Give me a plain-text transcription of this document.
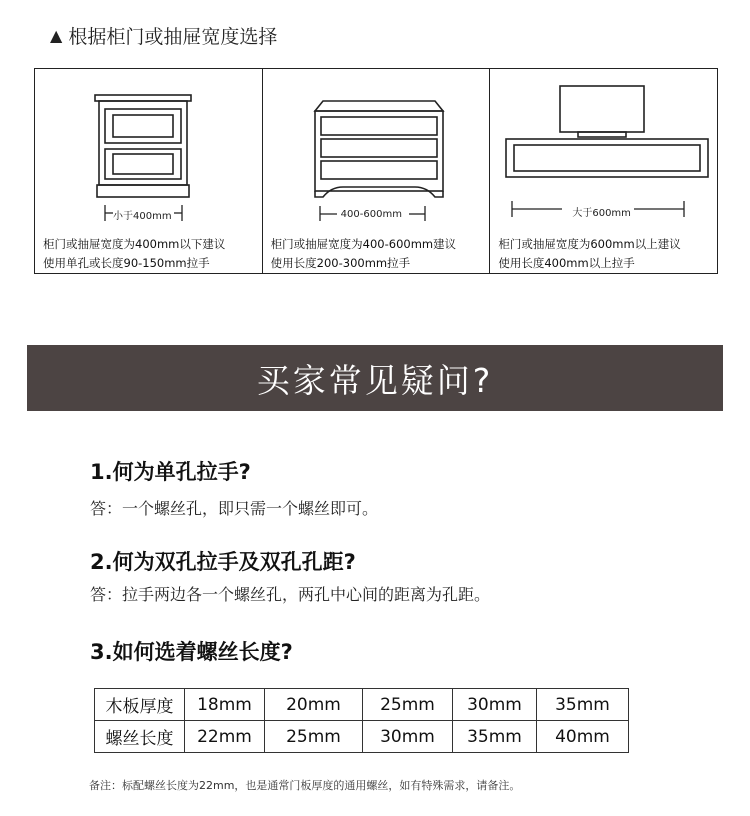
▲ 根据柜门或抽屉宽度选择
小于400mm
柜门或抽屉宽度为400mm以下建议
使用单孔或长度90-150mm拉手
400-600mm
柜门或抽屉宽度为400-600mm建议
使用长度200-300mm拉手
大于600mm
柜门或抽屉宽度为600mm以上建议
使用长度400mm以上拉手
买家常见疑问?
1.何为单孔拉手?
答：一个螺丝孔，即只需一个螺丝即可。
2.何为双孔拉手及双孔孔距?
答：拉手两边各一个螺丝孔，两孔中心间的距离为孔距。
3.如何选着螺丝长度?
木板厚度	18mm	20mm	25mm	30mm	35mm
螺丝长度	22mm	25mm	30mm	35mm	40mm
备注：标配螺丝长度为22mm，也是通常门板厚度的通用螺丝，如有特殊需求，请备注。
